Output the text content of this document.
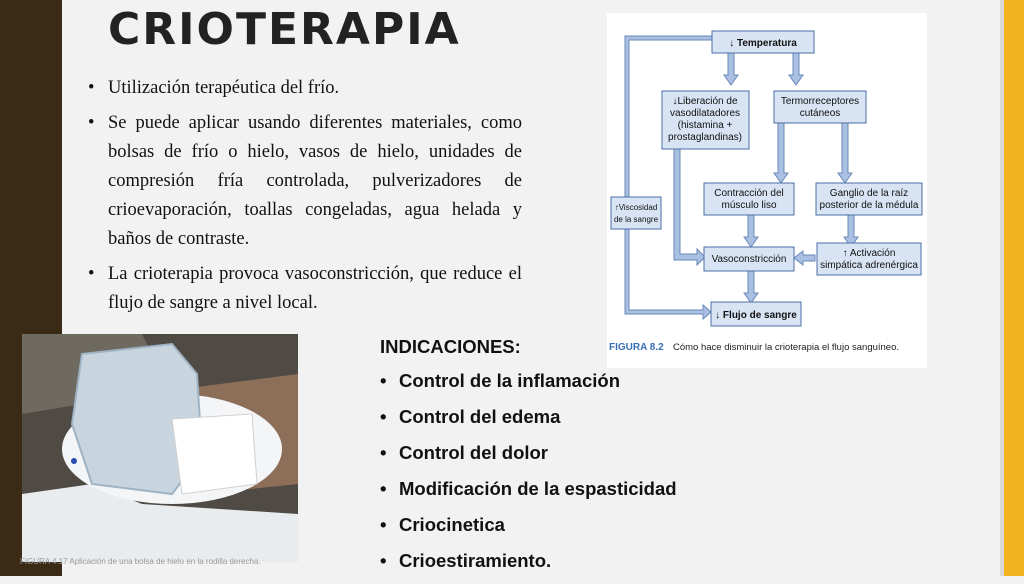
CRIOTERAPIA
• Utilización terapéutica del frío.
• Se puede aplicar usando diferentes materiales, como bolsas de frío o hielo, vasos de hielo, unidades de compresión fría controlada, pulverizadores de crioevaporación, toallas congeladas, agua helada y baños de contraste.
• La crioterapia provoca vasoconstricción, que reduce el flujo de sangre a nivel local.
↓ Temperatura
↓Liberación de
vasodilatadores
(histamina +
prostaglandinas)
Termorreceptores
cutáneos
↑Viscosidad
de la sangre
Contracción del
músculo liso
Ganglio de la raíz
posterior de la médula
Vasoconstricción
↑ Activación
simpática adrenérgica
↓ Flujo de sangre
FIGURA 8.2 Cómo hace disminuir la crioterapia el flujo sanguíneo.
FIGURA 4.17 Aplicación de una bolsa de hielo en la rodilla derecha.
INDICACIONES:
• Control de la inflamación
• Control del edema
• Control del dolor
• Modificación de la espasticidad
• Criocinetica
• Crioestiramiento.
